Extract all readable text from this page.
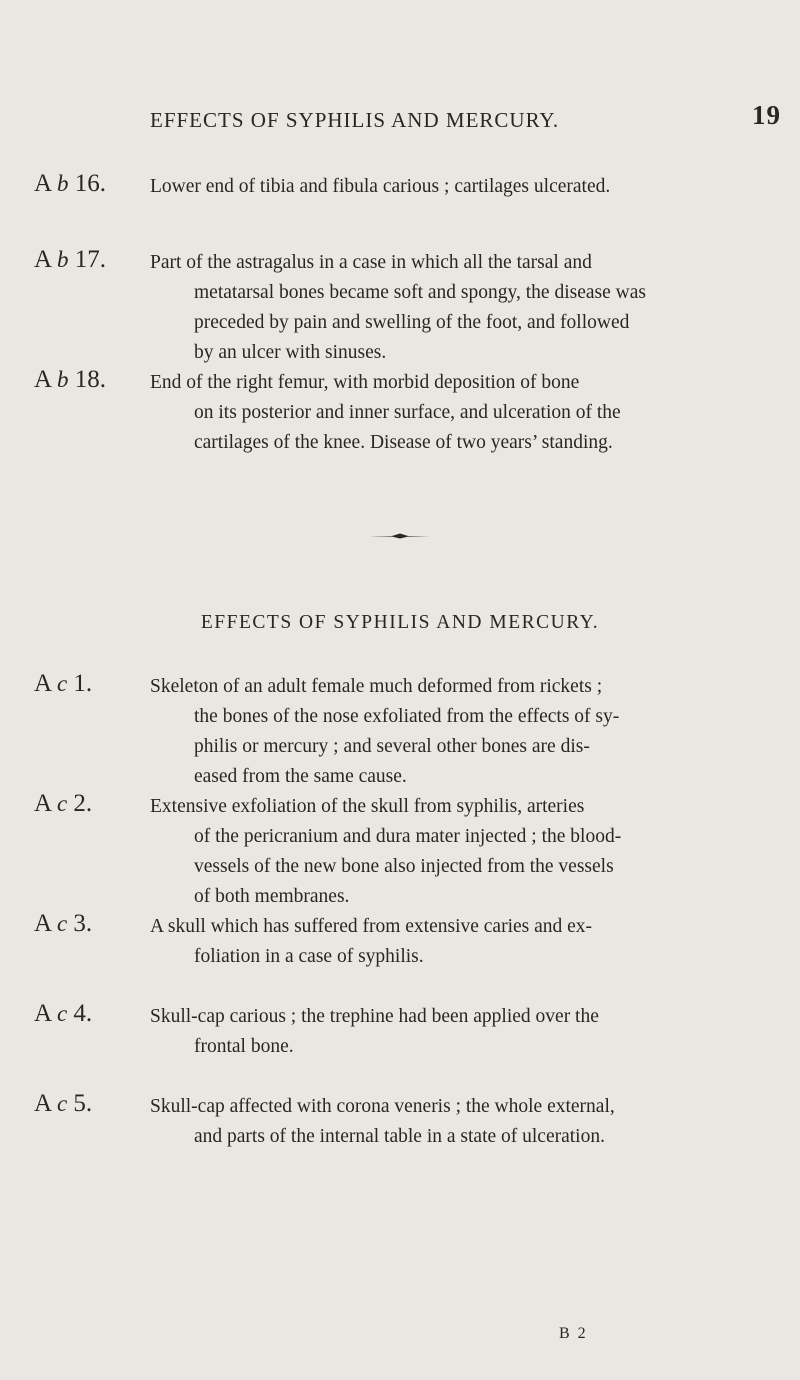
EFFECTS OF SYPHILIS AND MERCURY.	19
A b 16.	Lower end of tibia and fibula carious ; cartilages ulcerated.
A b 17.	Part of the astragalus in a case in which all the tarsal and
metatarsal bones became soft and spongy, the disease was
preceded by pain and swelling of the foot, and followed
by an ulcer with sinuses.
A b 18.	End of the right femur, with morbid deposition of bone
on its posterior and inner surface, and ulceration of the
cartilages of the knee. Disease of two years’ standing.
EFFECTS OF SYPHILIS AND MERCURY.
A c 1.	Skeleton of an adult female much deformed from rickets ;
the bones of the nose exfoliated from the effects of sy-
philis or mercury ; and several other bones are dis-
eased from the same cause.
A c 2.	Extensive exfoliation of the skull from syphilis, arteries
of the pericranium and dura mater injected ; the blood-
vessels of the new bone also injected from the vessels
of both membranes.
A c 3.	A skull which has suffered from extensive caries and ex-
foliation in a case of syphilis.
A c 4.	Skull-cap carious ; the trephine had been applied over the
frontal bone.
A c 5.	Skull-cap affected with corona veneris ; the whole external,
and parts of the internal table in a state of ulceration.
B 2
